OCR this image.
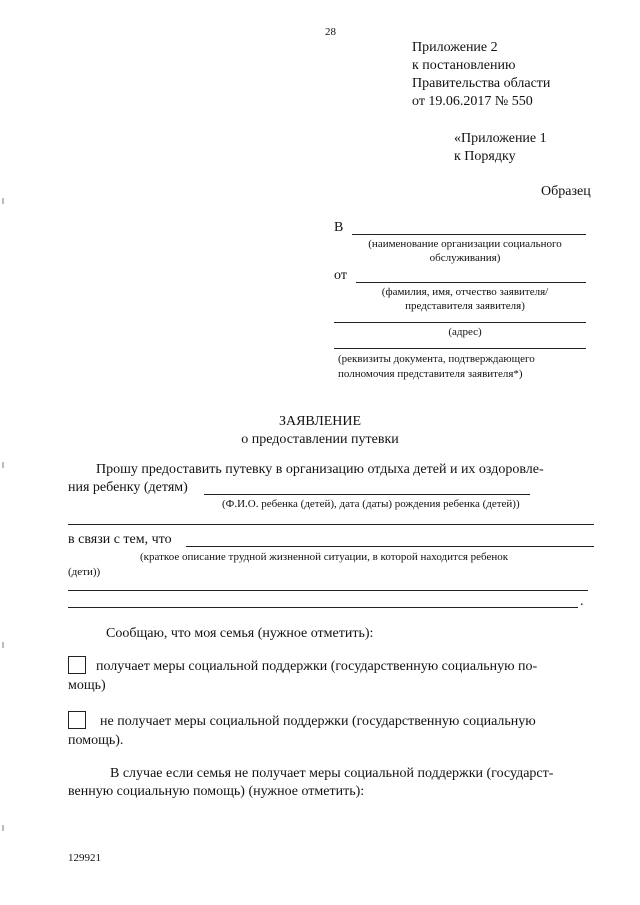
28
Приложение 2
к постановлению
Правительства области
от 19.06.2017 № 550
«Приложение 1
к Порядку
Образец
В
(наименование организации социального
обслуживания)
от
(фамилия, имя, отчество заявителя/
представителя заявителя)
(адрес)
(реквизиты документа, подтверждающего
полномочия представителя заявителя*)
ЗАЯВЛЕНИЕ
о предоставлении путевки
Прошу предоставить путевку в организацию отдыха детей и их оздоровле-
ния ребенку (детям)
(Ф.И.О. ребенка (детей), дата (даты) рождения ребенка (детей))
в связи с тем, что
(краткое описание трудной жизненной ситуации, в которой находится ребенок
(дети))
.
Сообщаю, что моя семья (нужное отметить):
получает меры социальной поддержки (государственную социальную по-
мощь)
не получает меры социальной поддержки (государственную социальную
помощь).
В случае если семья не получает меры социальной поддержки (государст-
венную социальную помощь) (нужное отметить):
129921
